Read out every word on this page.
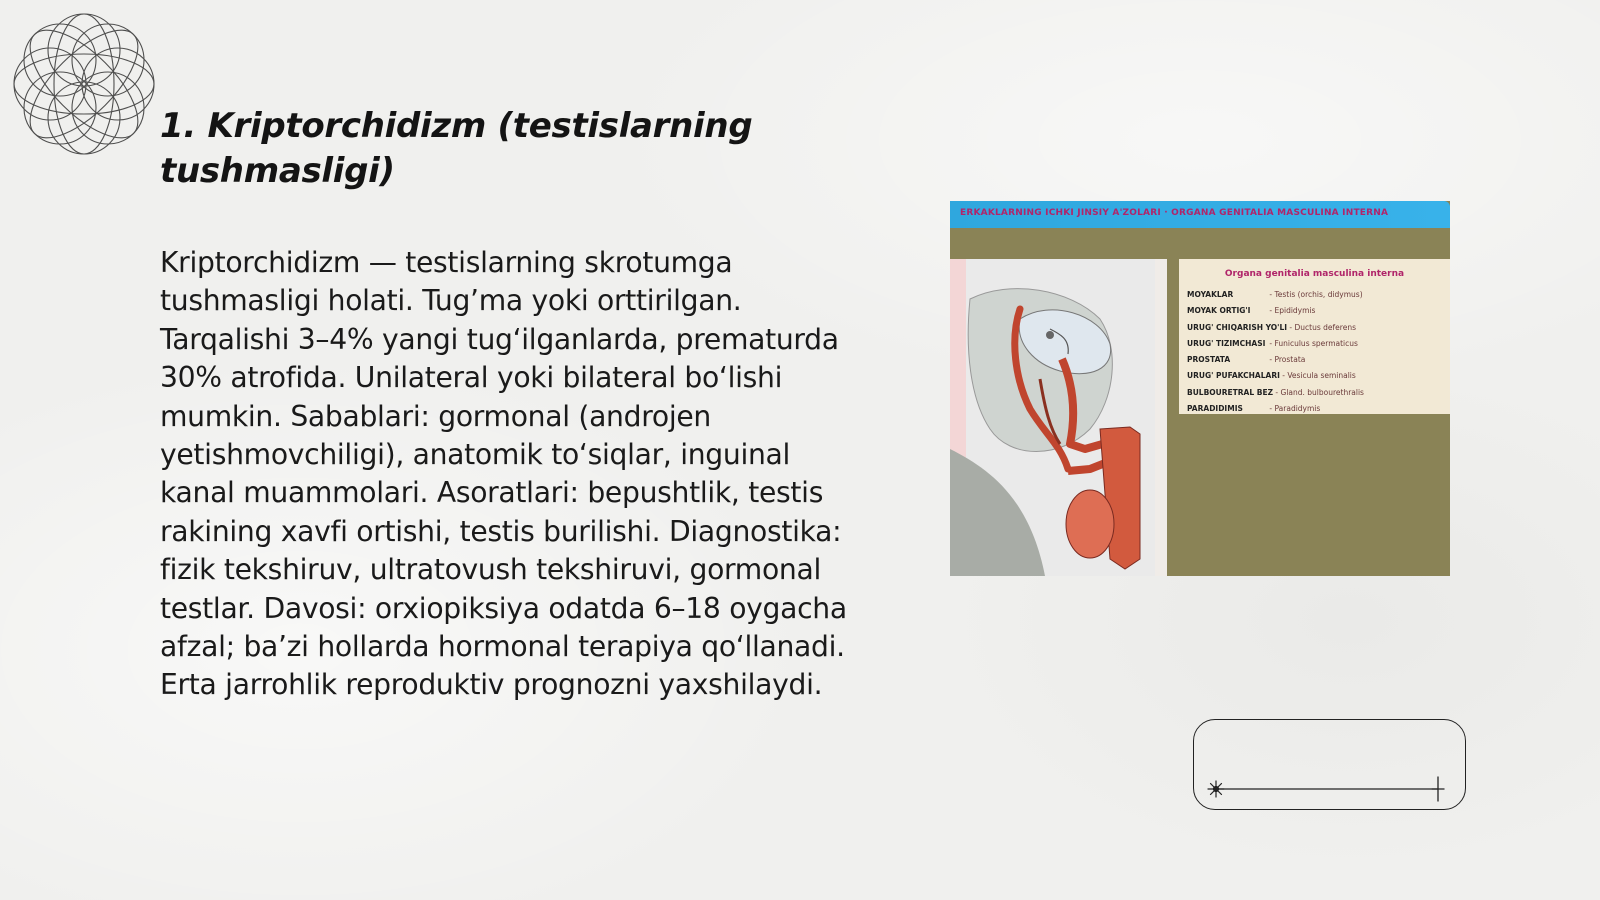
1. Kriptorchidizm (testislarning tushmasligi)

Kriptorchidizm — testislarning skrotumga tushmasligi holati. Tug’ma yoki orttirilgan. Tarqalishi 3–4% yangi tug‘ilganlarda, prematurda 30% atrofida. Unilateral yoki bilateral bo‘lishi mumkin. Sabablari: gormonal (androjen yetishmovchiligi), anatomik to‘siqlar, inguinal kanal muammolari. Asoratlari: bepushtlik, testis rakining xavfi ortishi, testis burilishi. Diagnostika: fizik tekshiruv, ultratovush tekshiruvi, gormonal testlar. Davosi: orxiopiksiya odatda 6–18 oygacha afzal; ba’zi hollarda hormonal terapiya qo‘llanadi. Erta jarrohlik reproduktiv prognozni yaxshilaydi.

ERKAKLARNING ICHKI JINSIY A'ZOLARI · ORGANA GENITALIA MASCULINA INTERNA
Organa genitalia masculina interna
MOYAKLAR	- Testis (orchis, didymus)
MOYAK ORTIG'I	- Epididymis
URUG' CHIQARISH YO'LI - Ductus deferens
URUG' TIZIMCHASI - Funiculus spermaticus
PROSTATA	- Prostata
URUG' PUFAKCHALARI - Vesicula seminalis
BULBOURETRAL BEZ - Gland. bulbourethralis
PARADIDIMIS	- Paradidymis
